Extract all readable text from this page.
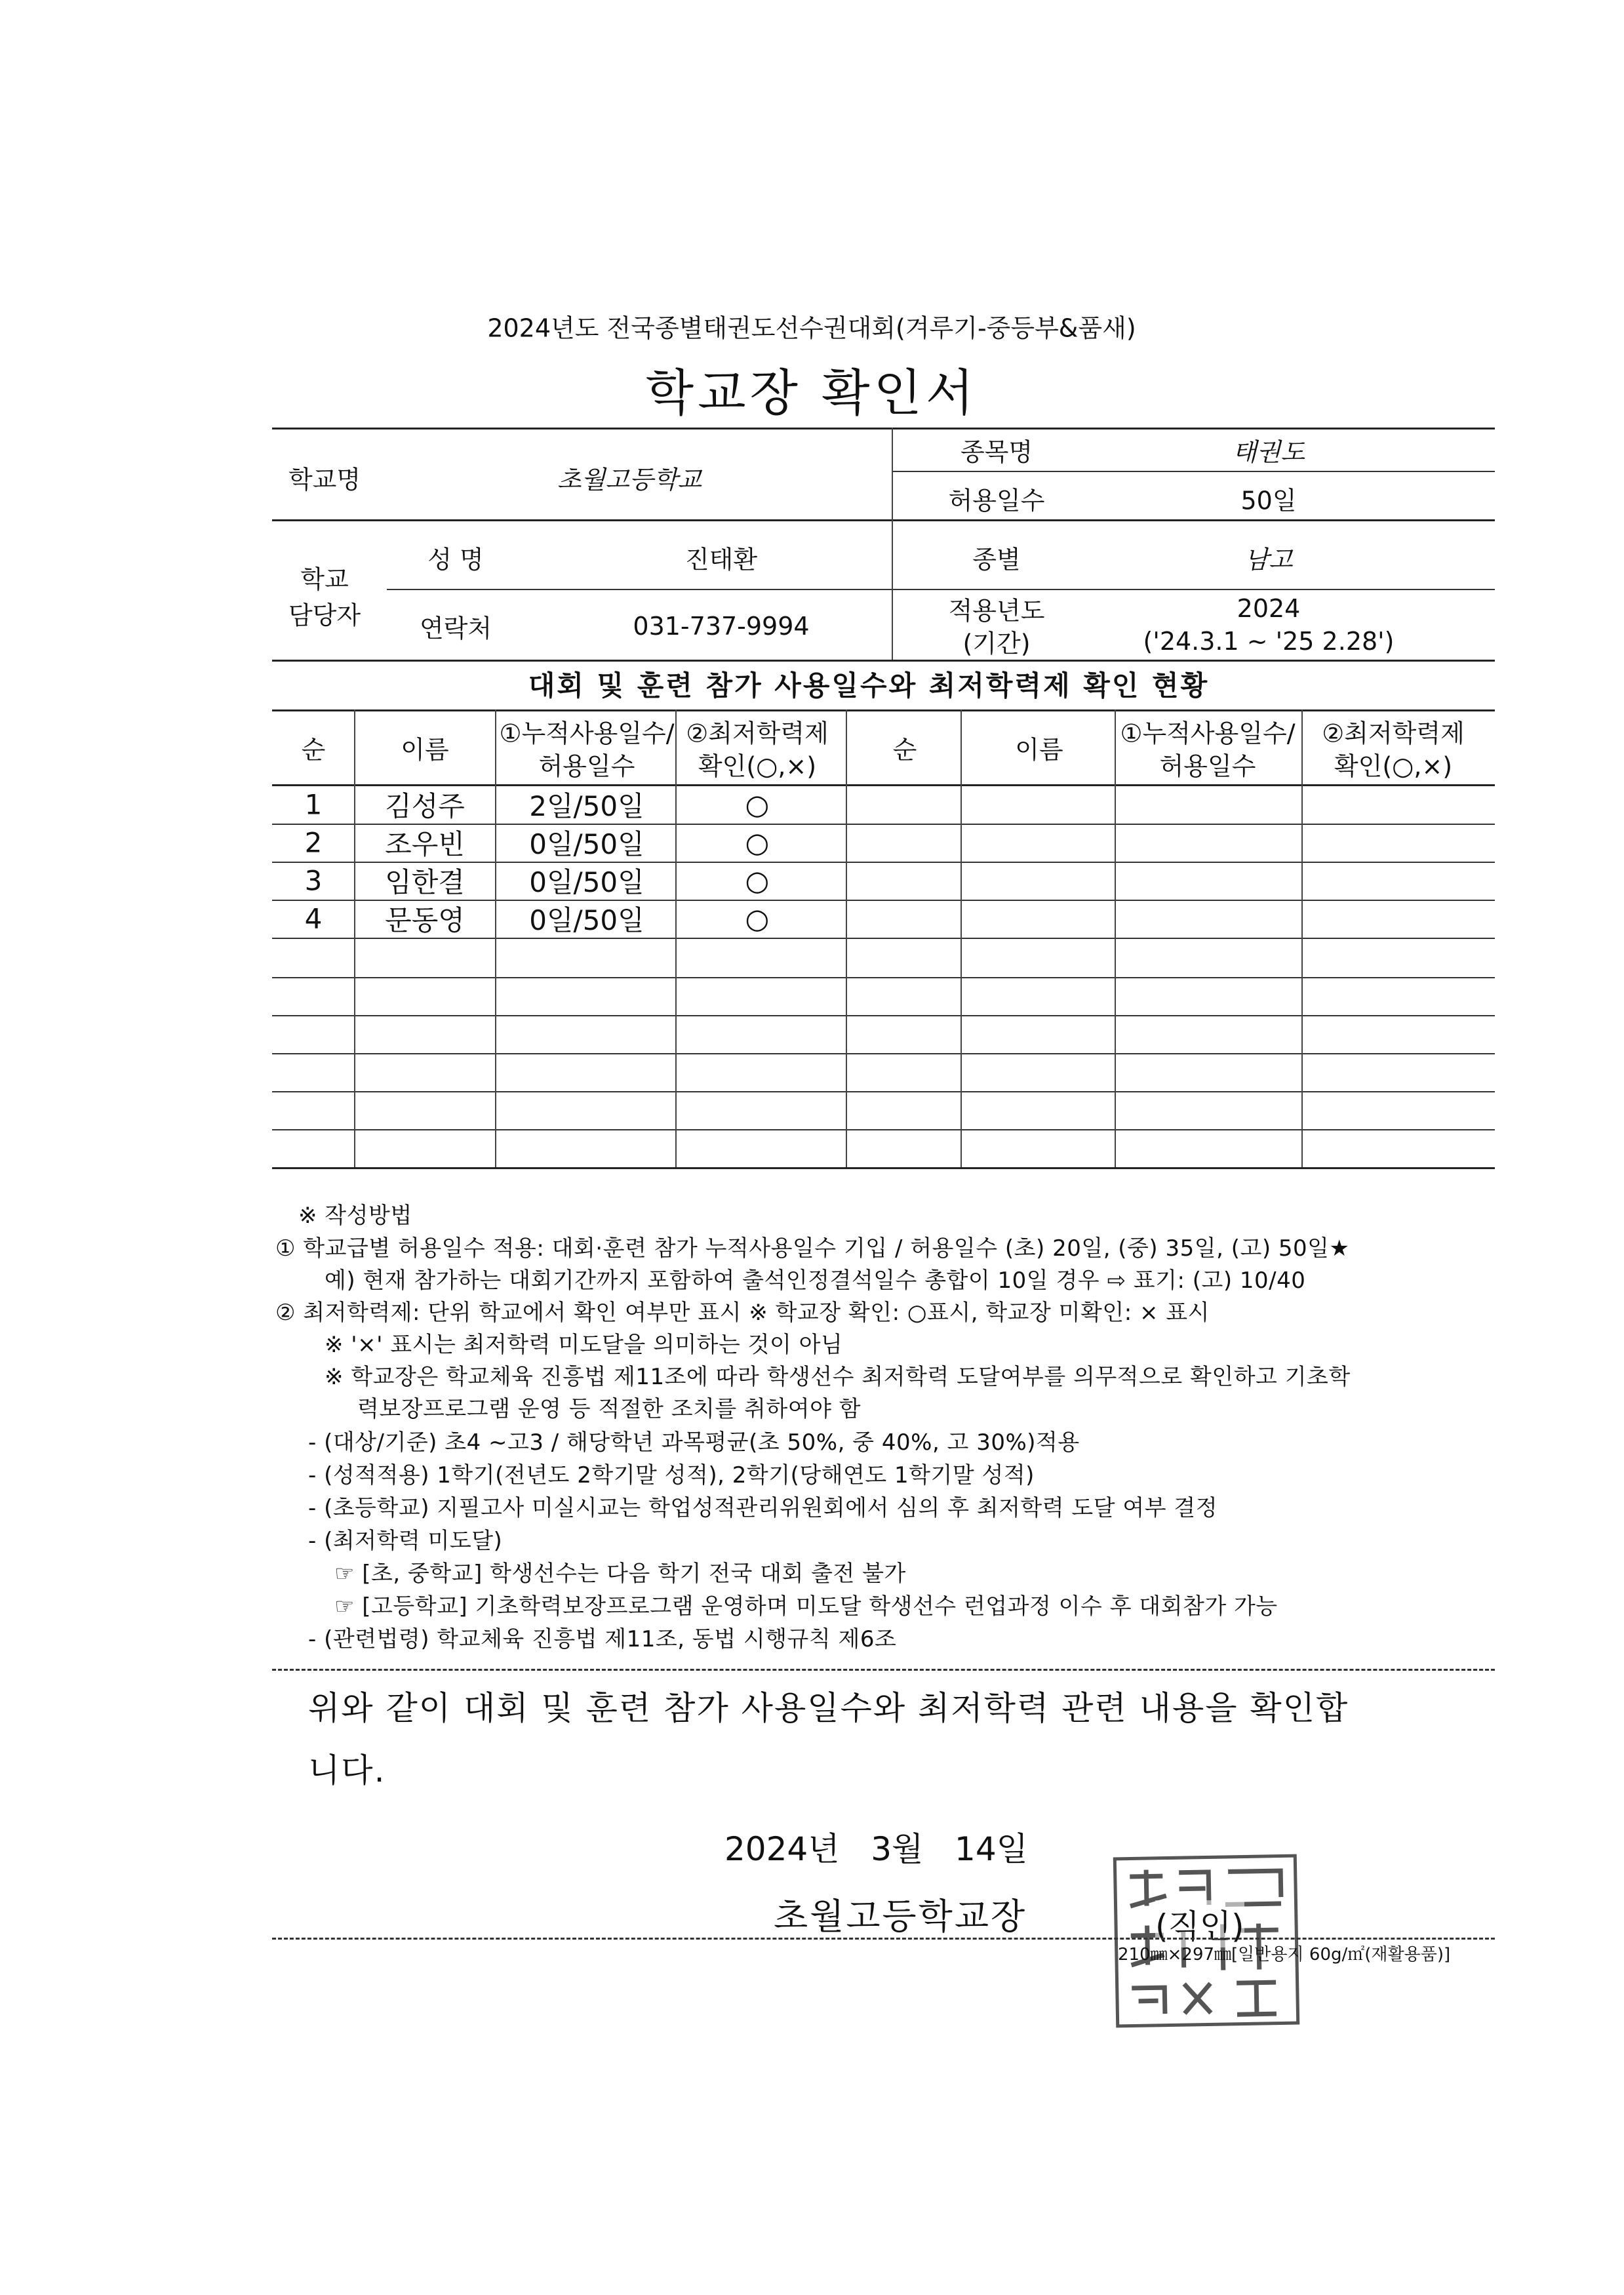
2024년도 전국종별태권도선수권대회(겨루기-중등부&품새)
학교장 확인서
학교명	초월고등학교
종목명	태권도
허용일수	50일
학교
담당자
성 명	진태환	종별	남고
연락처	031-737-9994
적용년도
(기간)
2024
('24.3.1 ~ '25 2.28')
대회 및 훈련 참가 사용일수와 최저학력제 확인 현황
순	이름
①누적사용일수/
허용일수
②최저학력제
확인(○,×)
순	이름
①누적사용일수/
허용일수
②최저학력제
확인(○,×)
1 김성주 2일/50일	○
2 조우빈 0일/50일	○
3 임한결 0일/50일	○
4 문동영 0일/50일	○
※ 작성방법
① 학교급별 허용일수 적용: 대회·훈련 참가 누적사용일수 기입 / 허용일수 (초) 20일, (중) 35일, (고) 50일★
예) 현재 참가하는 대회기간까지 포함하여 출석인정결석일수 총합이 10일 경우 ⇨ 표기: (고) 10/40
② 최저학력제: 단위 학교에서 확인 여부만 표시 ※ 학교장 확인: ○표시, 학교장 미확인: × 표시
※ '×' 표시는 최저학력 미도달을 의미하는 것이 아님
※ 학교장은 학교체육 진흥법 제11조에 따라 학생선수 최저학력 도달여부를 의무적으로 확인하고 기초학
력보장프로그램 운영 등 적절한 조치를 취하여야 함
- (대상/기준) 초4 ~고3 / 해당학년 과목평균(초 50%, 중 40%, 고 30%)적용
- (성적적용) 1학기(전년도 2학기말 성적), 2학기(당해연도 1학기말 성적)
- (초등학교) 지필고사 미실시교는 학업성적관리위원회에서 심의 후 최저학력 도달 여부 결정
- (최저학력 미도달)
☞ [초, 중학교] 학생선수는 다음 학기 전국 대회 출전 불가
☞ [고등학교] 기초학력보장프로그램 운영하며 미도달 학생선수 런업과정 이수 후 대회참가 가능
- (관련법령) 학교체육 진흥법 제11조, 동법 시행규칙 제6조
위와 같이 대회 및 훈련 참가 사용일수와 최저학력 관련 내용을 확인합
니다.
2024년   3월   14일
초월고등학교장	(직인)
210㎜×297㎜[일반용지 60g/㎡(재활용품)]
